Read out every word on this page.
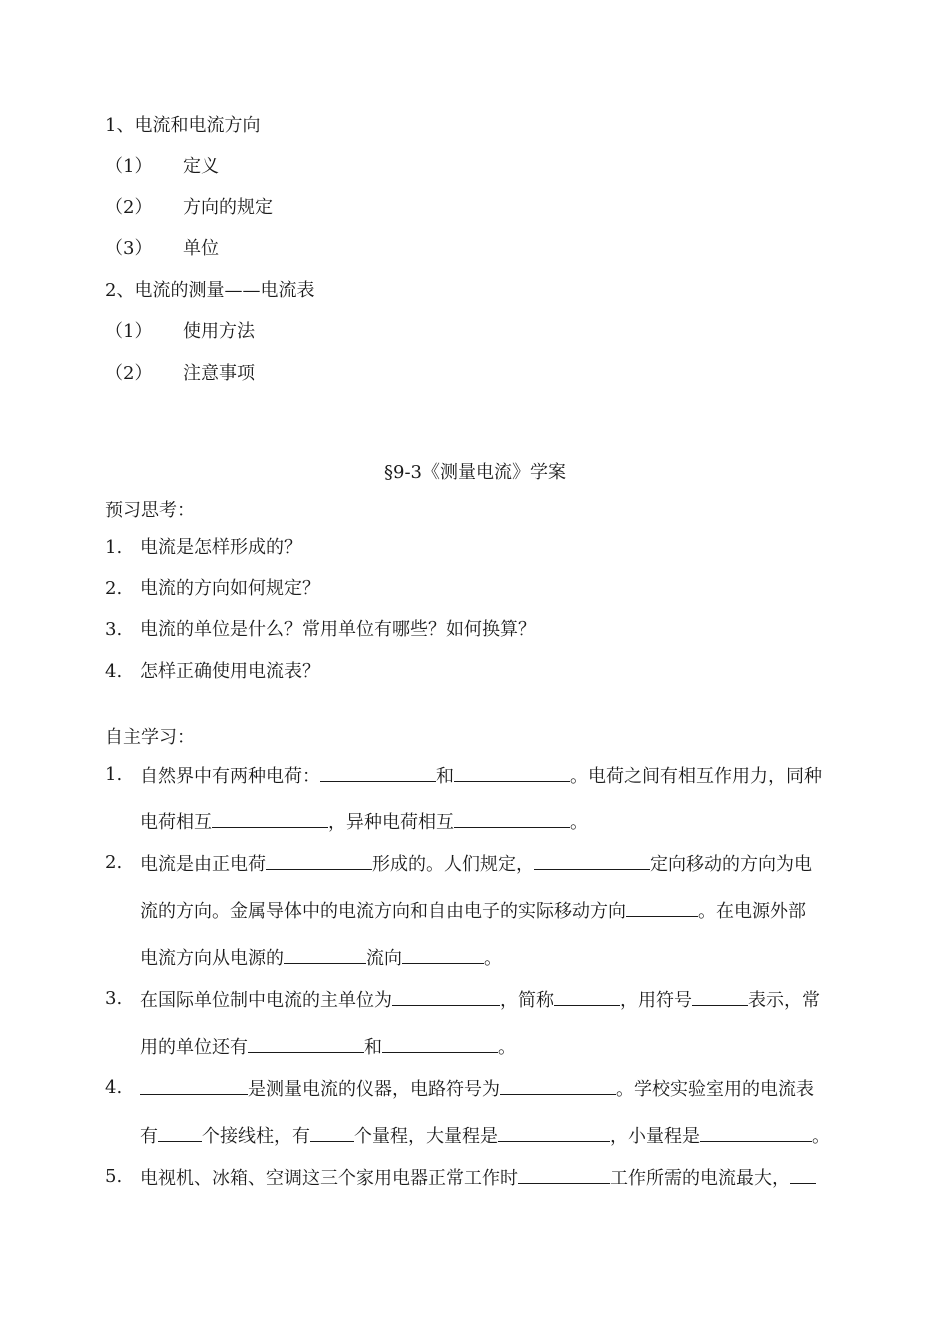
1、电流和电流方向
（1） 定义
（2） 方向的规定
（3） 单位
2、电流的测量——电流表
（1） 使用方法
（2） 注意事项
§9-3《测量电流》学案
预习思考：
1. 电流是怎样形成的？
2. 电流的方向如何规定？
3. 电流的单位是什么？常用单位有哪些？如何换算？
4. 怎样正确使用电流表？
自主学习：
1. 自然界中有两种电荷：	和	。电荷之间有相互作用力，同种
电荷相互	，异种电荷相互	。
2. 电流是由正电荷	形成的。人们规定，	定向移动的方向为电
流的方向。金属导体中的电流方向和自由电子的实际移动方向	。在电源外部
电流方向从电源的	流向	。
3. 在国际单位制中电流的主单位为	，简称	，用符号	表示，常
用的单位还有	和	。
4.	是测量电流的仪器，电路符号为	。学校实验室用的电流表
有 个接线柱，有 个量程，大量程是	，小量程是	。
5. 电视机、冰箱、空调这三个家用电器正常工作时	工作所需的电流最大，
